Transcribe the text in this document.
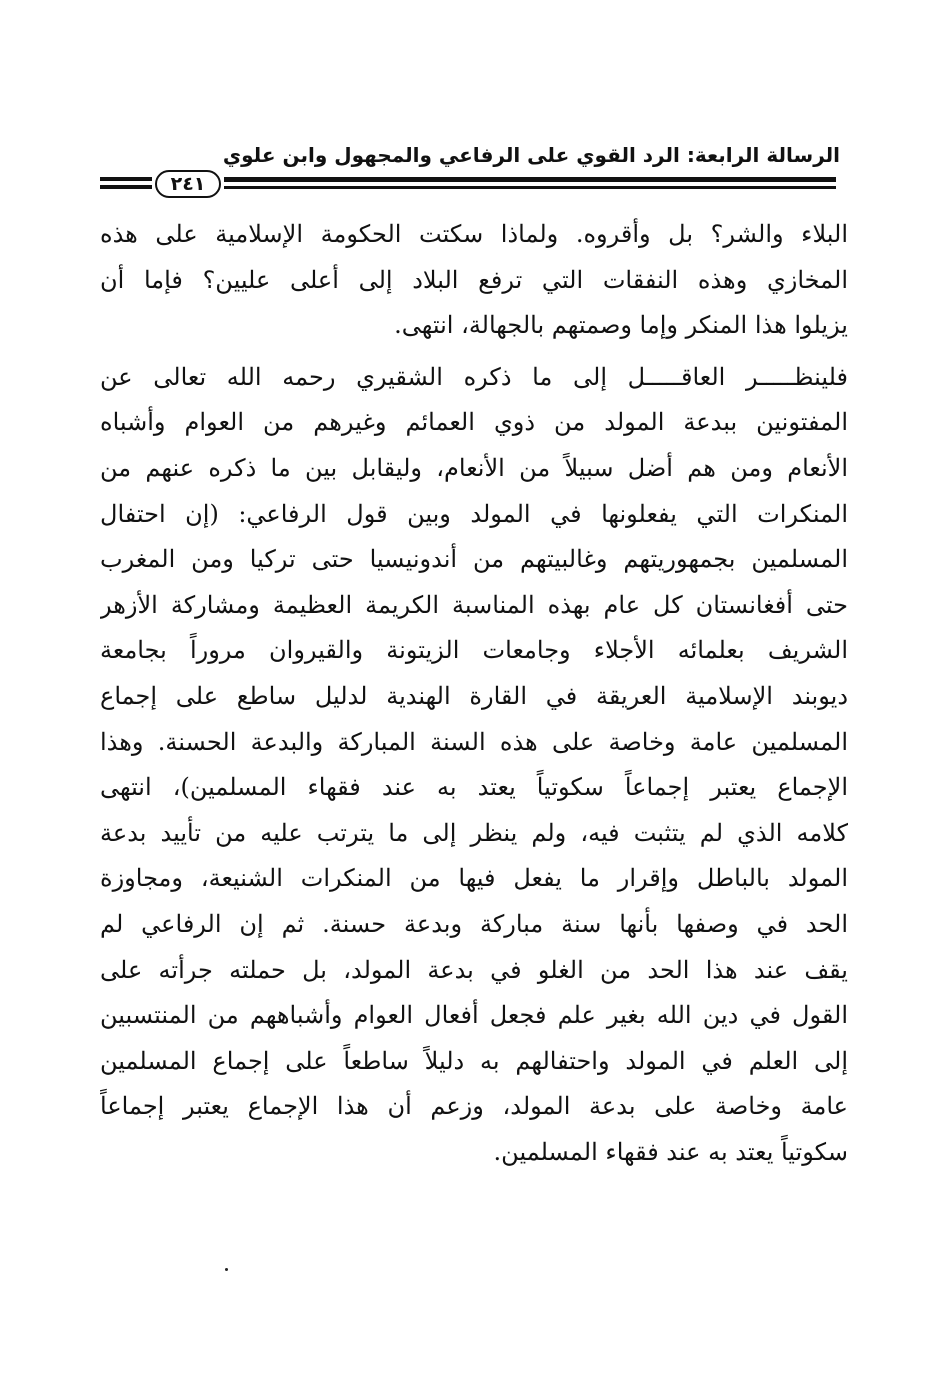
الرسالة الرابعة: الرد القوي على الرفاعي والمجهول وابن علوي
٢٤١
البلاء والشر؟ بل وأقروه. ولماذا سكتت الحكومة الإسلامية على هذه
المخازي وهذه النفقات التي ترفع البلاد إلى أعلى عليين؟ فإما أن
يزيلوا هذا المنكر وإما وصمتهم بالجهالة، انتهى.
فلينظـــــر العاقـــــل إلى ما ذكره الشقيري رحمه الله تعالى عن
المفتونين ببدعة المولد من ذوي العمائم وغيرهم من العوام وأشباه
الأنعام ومن هم أضل سبيلاً من الأنعام، وليقابل بين ما ذكره عنهم من
المنكرات التي يفعلونها في المولد وبين قول الرفاعي: (إن احتفال
المسلمين بجمهوريتهم وغالبيتهم من أندونيسيا حتى تركيا ومن المغرب
حتى أفغانستان كل عام بهذه المناسبة الكريمة العظيمة ومشاركة الأزهر
الشريف بعلمائه الأجلاء وجامعات الزيتونة والقيروان مروراً بجامعة
ديوبند الإسلامية العريقة في القارة الهندية لدليل ساطع على إجماع
المسلمين عامة وخاصة على هذه السنة المباركة والبدعة الحسنة. وهذا
الإجماع يعتبر إجماعاً سكوتياً يعتد به عند فقهاء المسلمين)، انتهى
كلامه الذي لم يتثبت فيه، ولم ينظر إلى ما يترتب عليه من تأييد بدعة
المولد بالباطل وإقرار ما يفعل فيها من المنكرات الشنيعة، ومجاوزة
الحد في وصفها بأنها سنة مباركة وبدعة حسنة. ثم إن الرفاعي لم
يقف عند هذا الحد من الغلو في بدعة المولد، بل حملته جرأته على
القول في دين الله بغير علم فجعل أفعال العوام وأشباههم من المنتسبين
إلى العلم في المولد واحتفالهم به دليلاً ساطعاً على إجماع المسلمين
عامة وخاصة على بدعة المولد، وزعم أن هذا الإجماع يعتبر إجماعاً
سكوتياً يعتد به عند فقهاء المسلمين.
